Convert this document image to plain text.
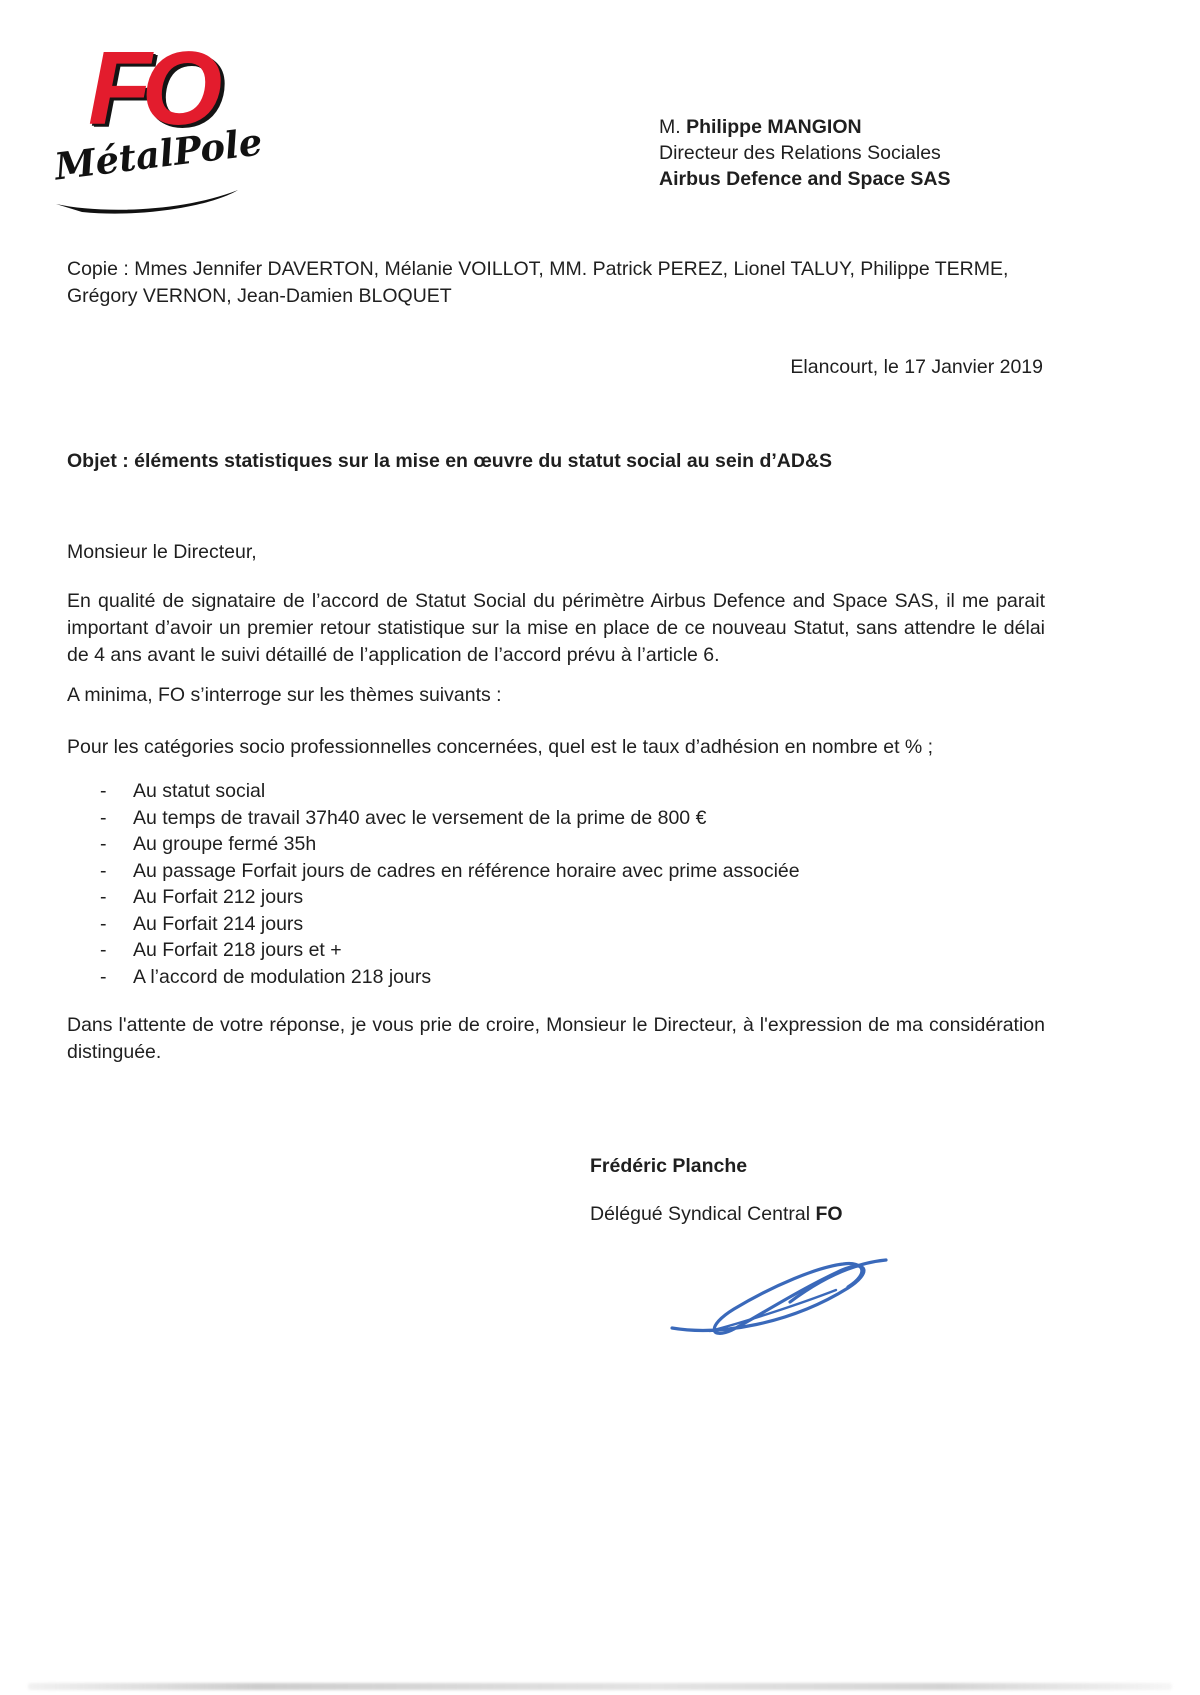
FO
MétalPole	M. Philippe MANGION
Directeur des Relations Sociales
Airbus Defence and Space SAS
Copie : Mmes Jennifer DAVERTON, Mélanie VOILLOT, MM. Patrick PEREZ, Lionel TALUY, Philippe TERME, Grégory VERNON, Jean-Damien BLOQUET
Elancourt, le 17 Janvier 2019
Objet : éléments statistiques sur la mise en œuvre du statut social au sein d’AD&S
Monsieur le Directeur,
En qualité de signataire de l’accord de Statut Social du périmètre Airbus Defence and Space SAS, il me parait important d’avoir un premier retour statistique sur la mise en place de ce nouveau Statut, sans attendre le délai de 4 ans avant le suivi détaillé de l’application de l’accord prévu à l’article 6.
A minima, FO s’interroge sur les thèmes suivants :
Pour les catégories socio professionnelles concernées, quel est le taux d’adhésion en nombre et % ;
-	Au statut social
-	Au temps de travail 37h40 avec le versement de la prime de 800 €
-	Au groupe fermé 35h
-	Au passage Forfait jours de cadres en référence horaire avec prime associée
-	Au Forfait 212 jours
-	Au Forfait 214 jours
-	Au Forfait 218 jours et +
-	A l’accord de modulation 218 jours
Dans l'attente de votre réponse, je vous prie de croire, Monsieur le Directeur, à l'expression de ma considération distinguée.
Frédéric Planche
Délégué Syndical Central FO
